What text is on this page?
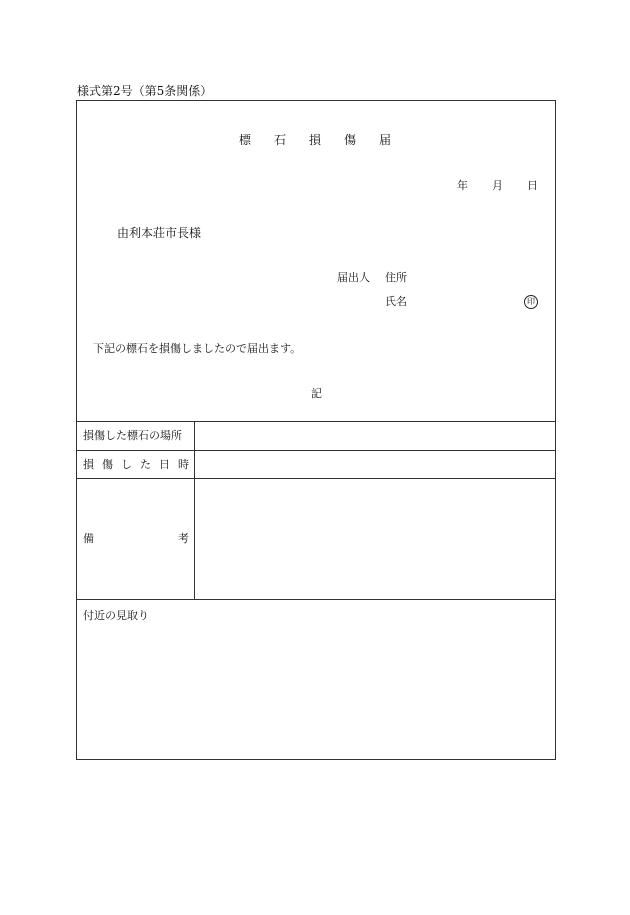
様式第2号（第5条関係）
標 石 損 傷 届
年 月 日
由利本荘市長様
届出人 住所
氏名	印
下記の標石を損傷しましたので届出ます。
記
損傷した標石の場所
損 傷 し た 日 時
備	考
付近の見取り
